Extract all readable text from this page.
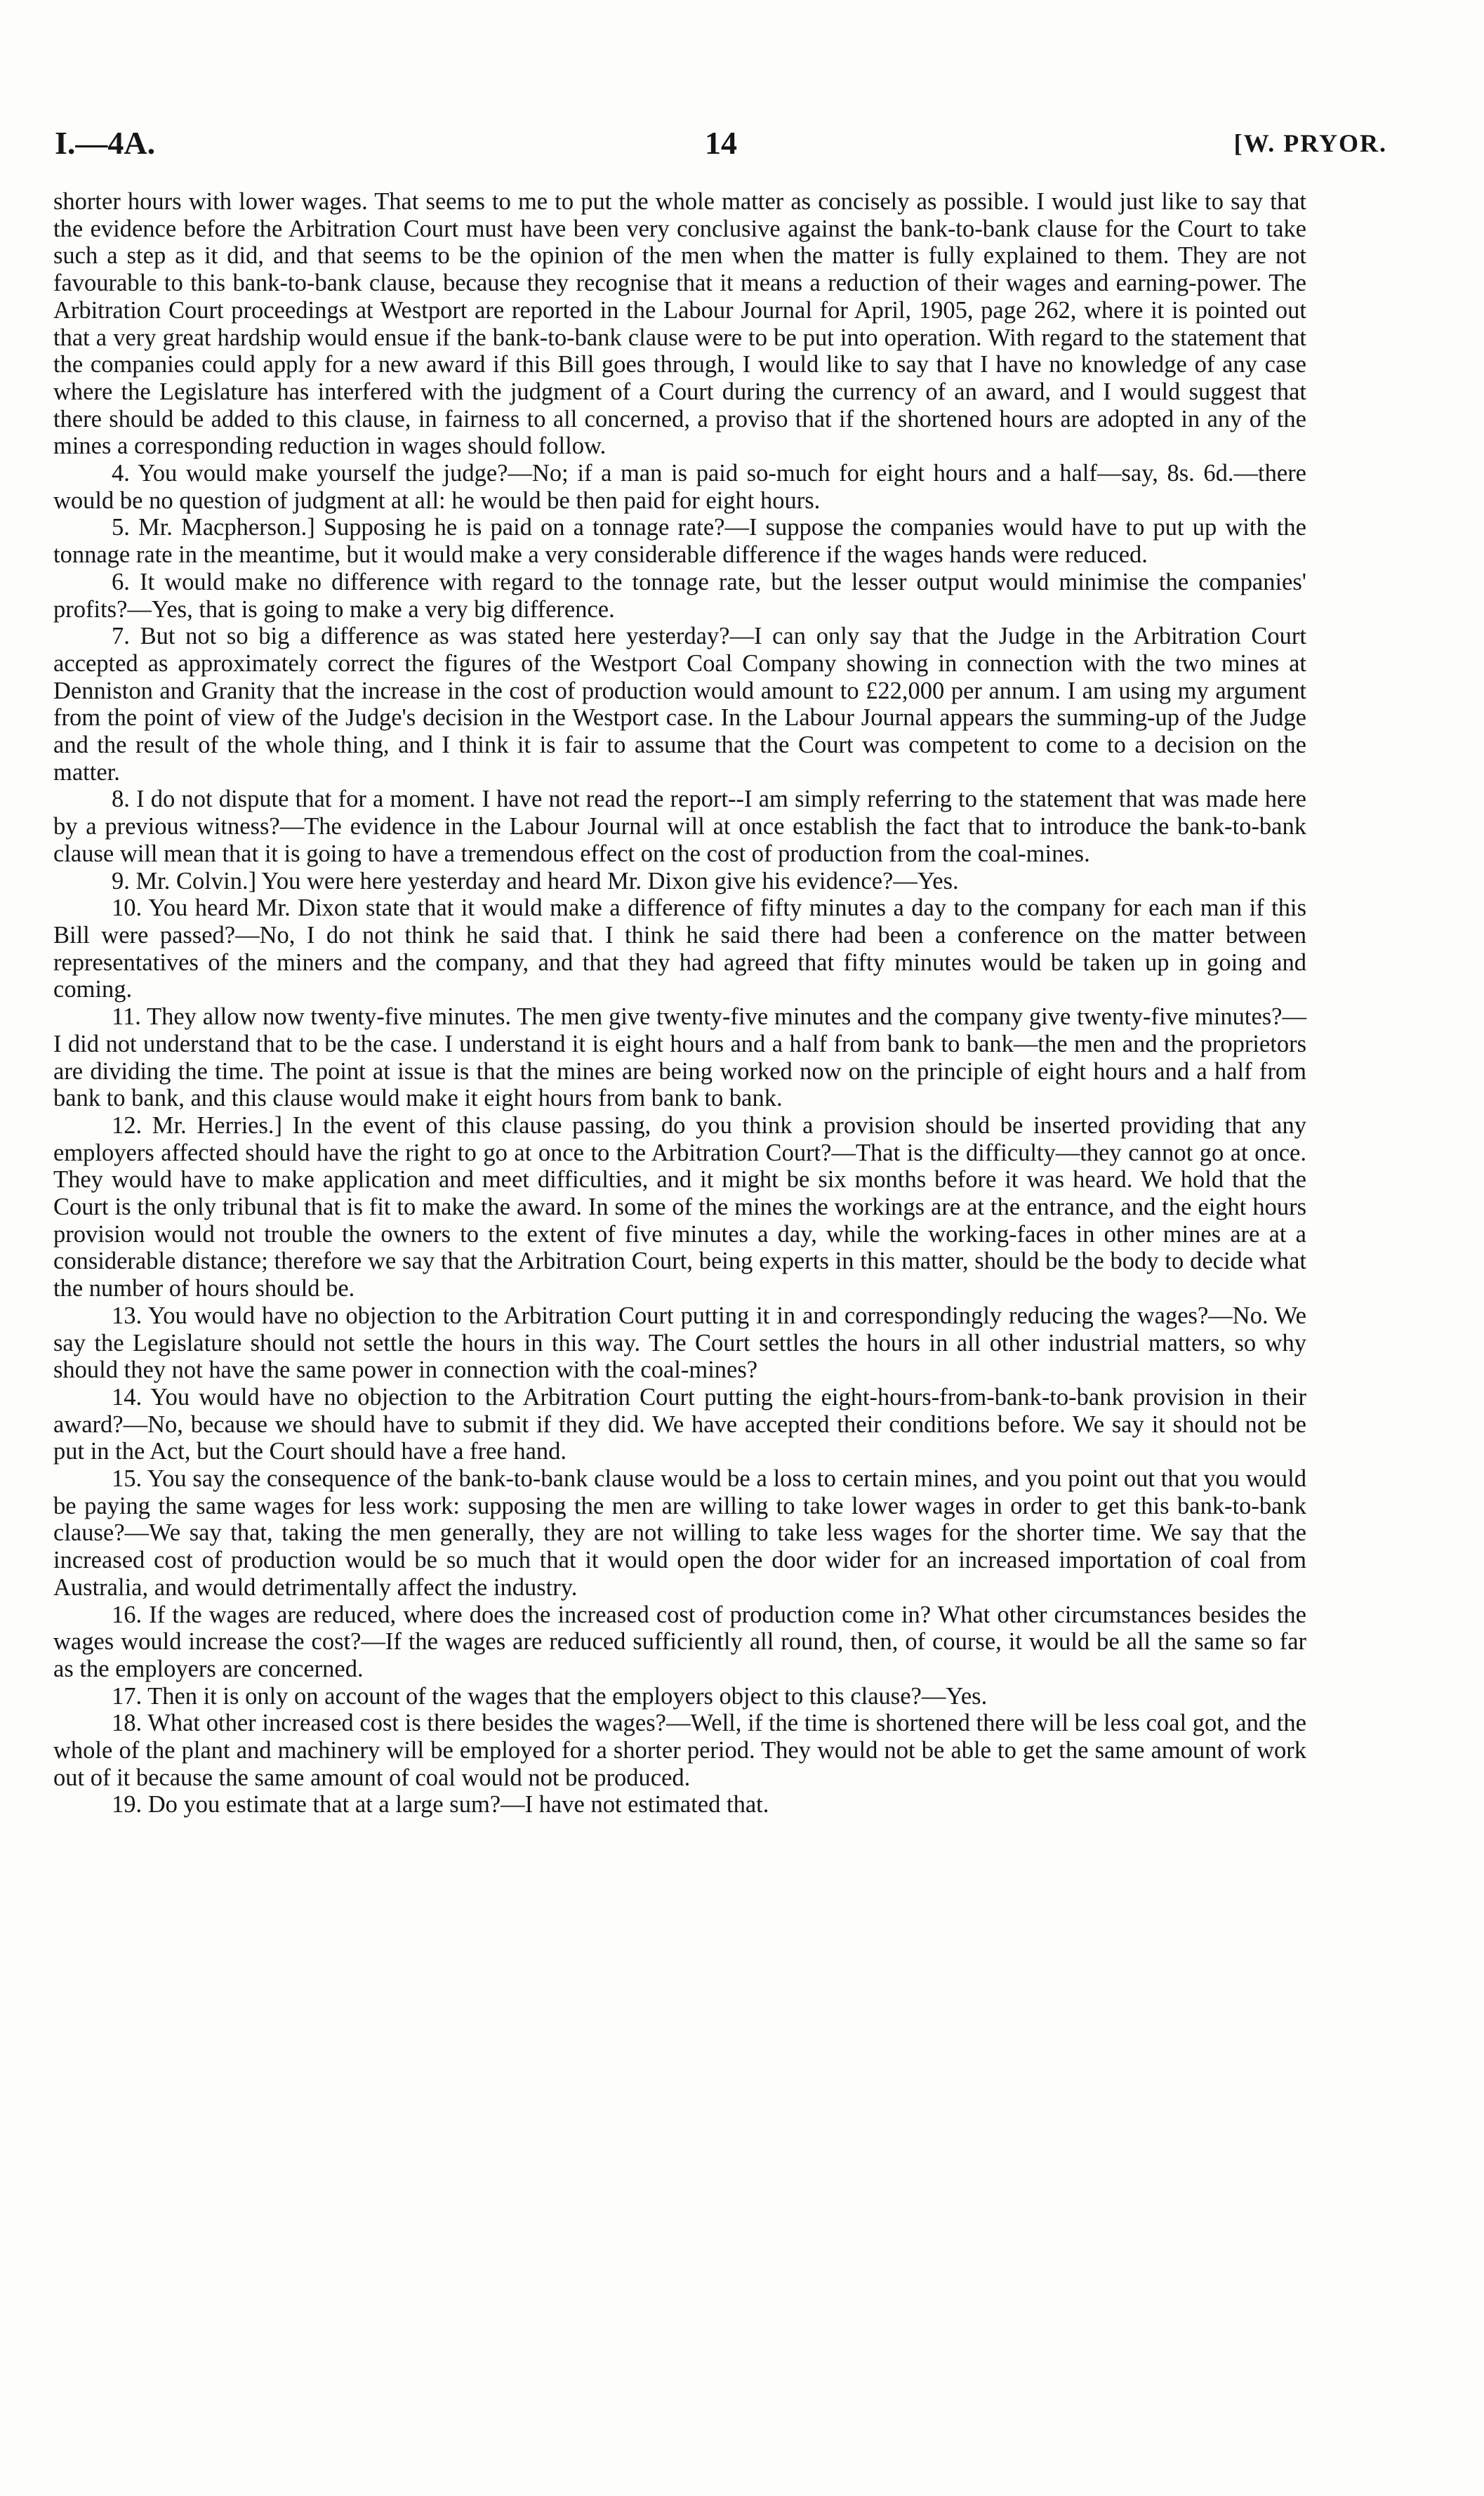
I.—4A.	14	[W. PRYOR.

shorter hours with lower wages. That seems to me to put the whole matter as concisely as possible. I would just like to say that the evidence before the Arbitration Court must have been very conclusive against the bank-to-bank clause for the Court to take such a step as it did, and that seems to be the opinion of the men when the matter is fully explained to them. They are not favourable to this bank-to-bank clause, because they recognise that it means a reduction of their wages and earning-power. The Arbitration Court proceedings at Westport are reported in the Labour Journal for April, 1905, page 262, where it is pointed out that a very great hardship would ensue if the bank-to-bank clause were to be put into operation. With regard to the statement that the companies could apply for a new award if this Bill goes through, I would like to say that I have no knowledge of any case where the Legislature has interfered with the judgment of a Court during the currency of an award, and I would suggest that there should be added to this clause, in fairness to all concerned, a proviso that if the shortened hours are adopted in any of the mines a corresponding reduction in wages should follow.

4. You would make yourself the judge?—No; if a man is paid so-much for eight hours and a half—say, 8s. 6d.—there would be no question of judgment at all: he would be then paid for eight hours.

5. Mr. Macpherson.] Supposing he is paid on a tonnage rate?—I suppose the companies would have to put up with the tonnage rate in the meantime, but it would make a very considerable difference if the wages hands were reduced.

6. It would make no difference with regard to the tonnage rate, but the lesser output would minimise the companies' profits?—Yes, that is going to make a very big difference.

7. But not so big a difference as was stated here yesterday?—I can only say that the Judge in the Arbitration Court accepted as approximately correct the figures of the Westport Coal Company showing in connection with the two mines at Denniston and Granity that the increase in the cost of production would amount to £22,000 per annum. I am using my argument from the point of view of the Judge's decision in the Westport case. In the Labour Journal appears the summing-up of the Judge and the result of the whole thing, and I think it is fair to assume that the Court was competent to come to a decision on the matter.

8. I do not dispute that for a moment. I have not read the report--I am simply referring to the statement that was made here by a previous witness?—The evidence in the Labour Journal will at once establish the fact that to introduce the bank-to-bank clause will mean that it is going to have a tremendous effect on the cost of production from the coal-mines.

9. Mr. Colvin.] You were here yesterday and heard Mr. Dixon give his evidence?—Yes.

10. You heard Mr. Dixon state that it would make a difference of fifty minutes a day to the company for each man if this Bill were passed?—No, I do not think he said that. I think he said there had been a conference on the matter between representatives of the miners and the company, and that they had agreed that fifty minutes would be taken up in going and coming.

11. They allow now twenty-five minutes. The men give twenty-five minutes and the company give twenty-five minutes?—I did not understand that to be the case. I understand it is eight hours and a half from bank to bank—the men and the proprietors are dividing the time. The point at issue is that the mines are being worked now on the principle of eight hours and a half from bank to bank, and this clause would make it eight hours from bank to bank.

12. Mr. Herries.] In the event of this clause passing, do you think a provision should be inserted providing that any employers affected should have the right to go at once to the Arbitration Court?—That is the difficulty—they cannot go at once. They would have to make application and meet difficulties, and it might be six months before it was heard. We hold that the Court is the only tribunal that is fit to make the award. In some of the mines the workings are at the entrance, and the eight hours provision would not trouble the owners to the extent of five minutes a day, while the working-faces in other mines are at a considerable distance; therefore we say that the Arbitration Court, being experts in this matter, should be the body to decide what the number of hours should be.

13. You would have no objection to the Arbitration Court putting it in and correspondingly reducing the wages?—No. We say the Legislature should not settle the hours in this way. The Court settles the hours in all other industrial matters, so why should they not have the same power in connection with the coal-mines?

14. You would have no objection to the Arbitration Court putting the eight-hours-from-bank-to-bank provision in their award?—No, because we should have to submit if they did. We have accepted their conditions before. We say it should not be put in the Act, but the Court should have a free hand.

15. You say the consequence of the bank-to-bank clause would be a loss to certain mines, and you point out that you would be paying the same wages for less work: supposing the men are willing to take lower wages in order to get this bank-to-bank clause?—We say that, taking the men generally, they are not willing to take less wages for the shorter time. We say that the increased cost of production would be so much that it would open the door wider for an increased importation of coal from Australia, and would detrimentally affect the industry.

16. If the wages are reduced, where does the increased cost of production come in? What other circumstances besides the wages would increase the cost?—If the wages are reduced sufficiently all round, then, of course, it would be all the same so far as the employers are concerned.

17. Then it is only on account of the wages that the employers object to this clause?—Yes.

18. What other increased cost is there besides the wages?—Well, if the time is shortened there will be less coal got, and the whole of the plant and machinery will be employed for a shorter period. They would not be able to get the same amount of work out of it because the same amount of coal would not be produced.

19. Do you estimate that at a large sum?—I have not estimated that.
